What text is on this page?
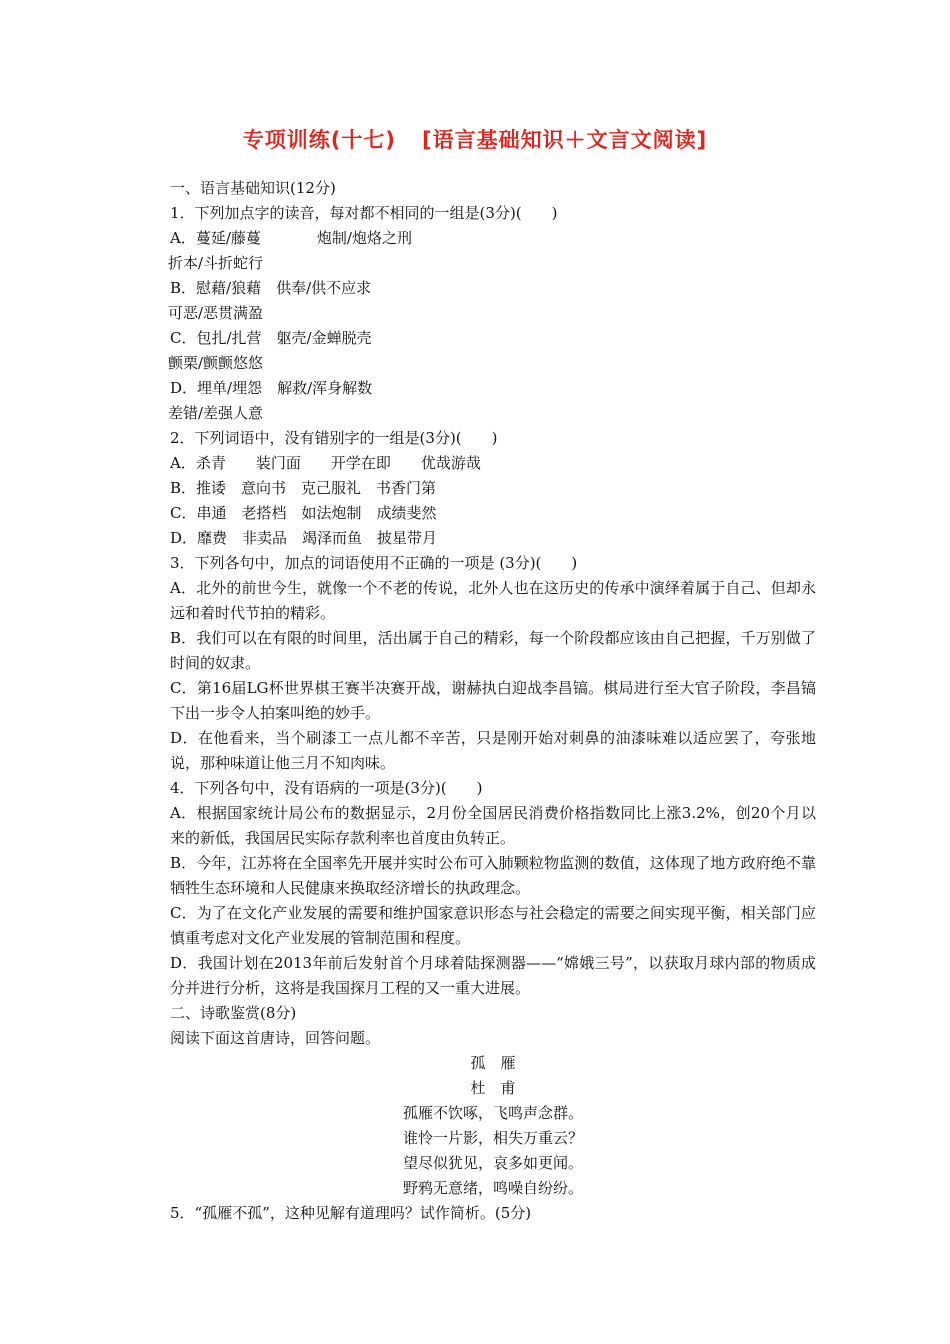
专项训练(十七) [语言基础知识＋文言文阅读]
一、语言基础知识(12分)
1．下列加点字的读音，每对都不相同的一组是(3分)(　　)
A．蔓延/藤蔓	炮制/炮烙之刑
折本/斗折蛇行
B．慰藉/狼藉　供奉/供不应求
可恶/恶贯满盈
C．包扎/扎营　躯壳/金蝉脱壳
颤栗/颤颤悠悠
D．埋单/埋怨　解救/浑身解数
差错/差强人意
2．下列词语中，没有错别字的一组是(3分)(　　)
A．杀青　　装门面　　开学在即　　优哉游哉
B．推诿　意向书　克己服礼　书香门第
C．串通　老搭档　如法炮制　成绩斐然
D．靡费　非卖品　竭泽而鱼　披星带月
3．下列各句中，加点的词语使用不正确的一项是 (3分)(　　)
A．北外的前世今生，就像一个不老的传说，北外人也在这历史的传承中演绎着属于自己、但却永远和着时代节拍的精彩。
B．我们可以在有限的时间里，活出属于自己的精彩，每一个阶段都应该由自己把握，千万别做了时间的奴隶。
C．第16届LG杯世界棋王赛半决赛开战，谢赫执白迎战李昌镐。棋局进行至大官子阶段，李昌镐下出一步令人拍案叫绝的妙手。
D．在他看来，当个刷漆工一点儿都不辛苦，只是刚开始对刺鼻的油漆味难以适应罢了，夸张地说，那种味道让他三月不知肉味。
4．下列各句中，没有语病的一项是(3分)(　　)
A．根据国家统计局公布的数据显示，2月份全国居民消费价格指数同比上涨3.2%，创20个月以来的新低，我国居民实际存款利率也首度由负转正。
B．今年，江苏将在全国率先开展并实时公布可入肺颗粒物监测的数值，这体现了地方政府绝不靠牺牲生态环境和人民健康来换取经济增长的执政理念。
C．为了在文化产业发展的需要和维护国家意识形态与社会稳定的需要之间实现平衡，相关部门应慎重考虑对文化产业发展的管制范围和程度。
D．我国计划在2013年前后发射首个月球着陆探测器——“嫦娥三号”，以获取月球内部的物质成分并进行分析，这将是我国探月工程的又一重大进展。
二、诗歌鉴赏(8分)
阅读下面这首唐诗，回答问题。
孤　雁
杜　甫
孤雁不饮啄，飞鸣声念群。
谁怜一片影，相失万重云？
望尽似犹见，哀多如更闻。
野鸦无意绪，鸣噪自纷纷。
5．“孤雁不孤”，这种见解有道理吗？试作简析。(5分)
